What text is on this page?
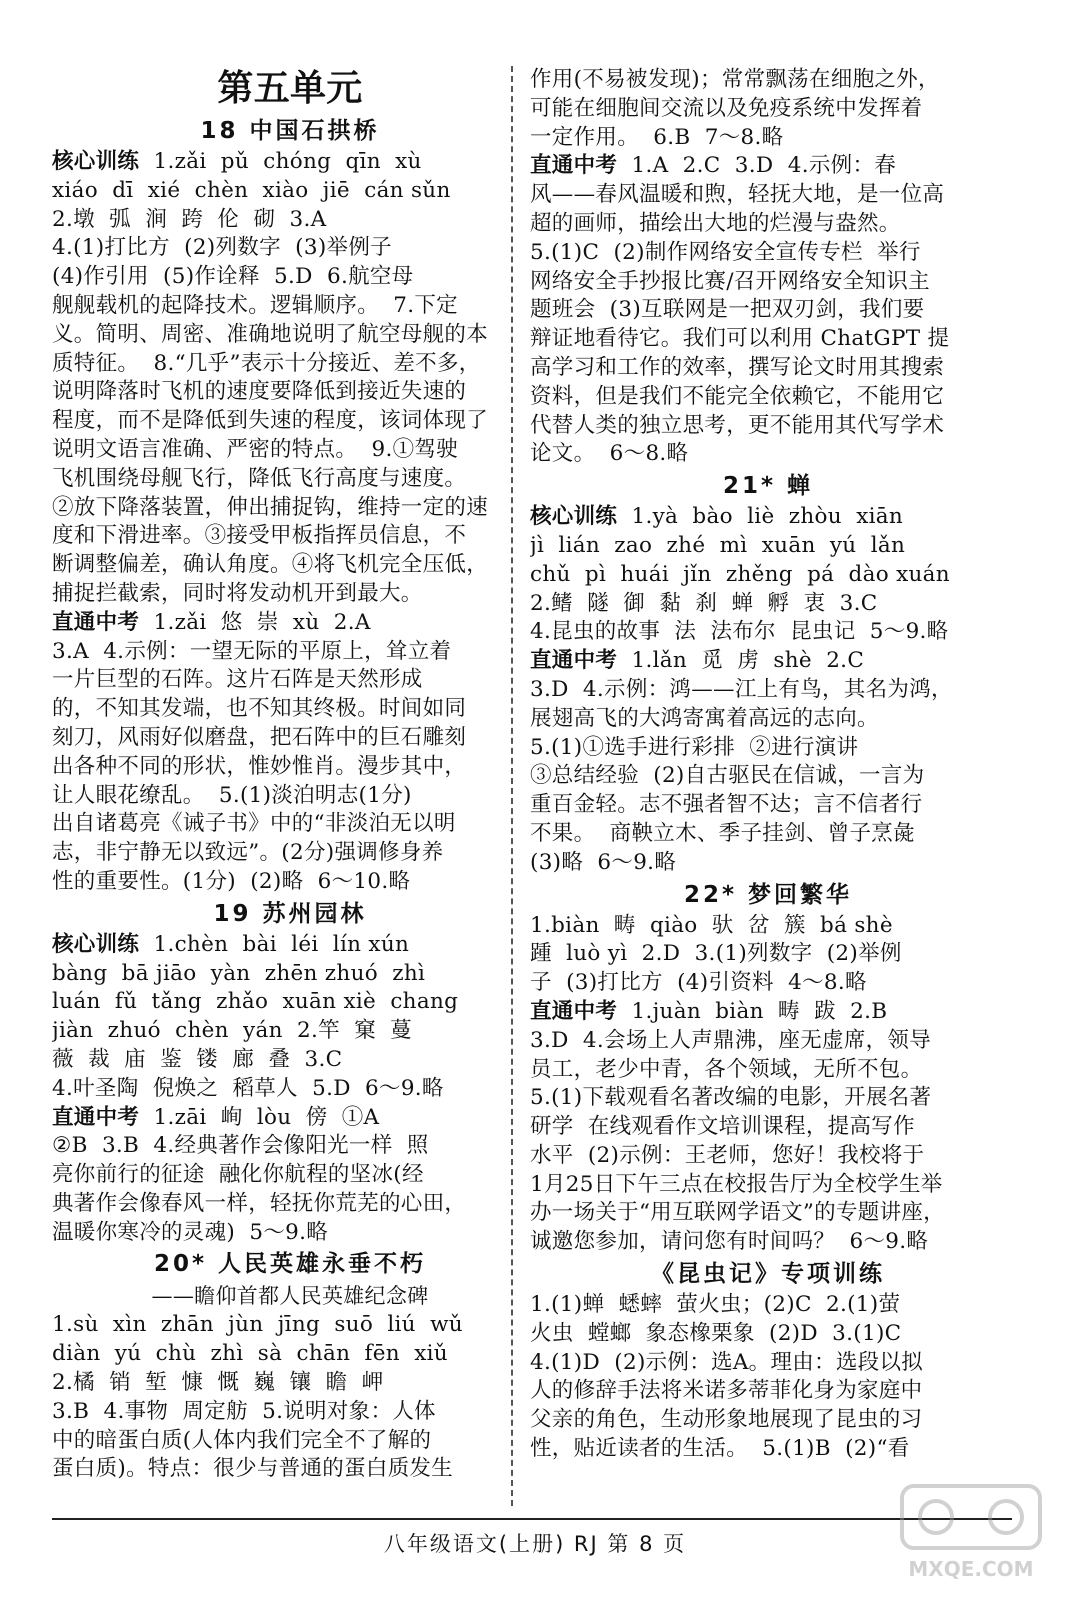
第五单元
18 中国石拱桥
核心训练  1.zǎi  pǔ  chóng  qīn  xù
xiáo  dī  xié  chèn  xiào  jiē  cán sǔn
2.墩  弧  涧  跨  伦  砌  3.A
4.(1)打比方  (2)列数字  (3)举例子
(4)作引用  (5)作诠释  5.D  6.航空母
舰舰载机的起降技术。逻辑顺序。  7.下定
义。简明、周密、准确地说明了航空母舰的本
质特征。  8.“几乎”表示十分接近、差不多，
说明降落时飞机的速度要降低到接近失速的
程度，而不是降低到失速的程度，该词体现了
说明文语言准确、严密的特点。  9.①驾驶
飞机围绕母舰飞行，降低飞行高度与速度。
②放下降落装置，伸出捕捉钩，维持一定的速
度和下滑进率。③接受甲板指挥员信息，不
断调整偏差，确认角度。④将飞机完全压低，
捕捉拦截索，同时将发动机开到最大。
直通中考  1.zǎi  悠  崇  xù  2.A
3.A  4.示例：一望无际的平原上，耸立着
一片巨型的石阵。这片石阵是天然形成
的，不知其发端，也不知其终极。时间如同
刻刀，风雨好似磨盘，把石阵中的巨石雕刻
出各种不同的形状，惟妙惟肖。漫步其中，
让人眼花缭乱。  5.(1)淡泊明志(1分)
出自诸葛亮《诫子书》中的“非淡泊无以明
志，非宁静无以致远”。(2分)强调修身养
性的重要性。(1分)  (2)略  6～10.略
19 苏州园林
核心训练  1.chèn  bài  léi  lín xún
bàng  bā jiāo  yàn  zhēn zhuó  zhì
luán  fǔ  tǎng  zhǎo  xuān xiè  chang
jiàn  zhuó  chèn  yán  2.竿  窠  蔓
薇  裁  庙  鉴  镂  廊  叠  3.C
4.叶圣陶  倪焕之  稻草人  5.D  6～9.略
直通中考  1.zāi  峋  lòu  傍  ①A
②B  3.B  4.经典著作会像阳光一样  照
亮你前行的征途  融化你航程的坚冰(经
典著作会像春风一样，轻抚你荒芜的心田，
温暖你寒冷的灵魂)  5～9.略
20* 人民英雄永垂不朽
——瞻仰首都人民英雄纪念碑
1.sù  xìn  zhān  jùn  jīng  suō  liú  wǔ
diàn  yú  chù  zhì  sà  chān  fēn  xiǔ
2.橘  销  堑  慷  慨  巍  镶  瞻  岬
3.B  4.事物  周定舫  5.说明对象：人体
中的暗蛋白质(人体内我们完全不了解的
蛋白质)。特点：很少与普通的蛋白质发生
作用(不易被发现)；常常飘荡在细胞之外，
可能在细胞间交流以及免疫系统中发挥着
一定作用。  6.B  7～8.略
直通中考  1.A  2.C  3.D  4.示例：春
风——春风温暖和煦，轻抚大地，是一位高
超的画师，描绘出大地的烂漫与盎然。
5.(1)C  (2)制作网络安全宣传专栏  举行
网络安全手抄报比赛/召开网络安全知识主
题班会  (3)互联网是一把双刃剑，我们要
辩证地看待它。我们可以利用 ChatGPT 提
高学习和工作的效率，撰写论文时用其搜索
资料，但是我们不能完全依赖它，不能用它
代替人类的独立思考，更不能用其代写学术
论文。  6～8.略
21* 蝉
核心训练  1.yà  bào  liè  zhòu  xiān
jì  lián  zao  zhé  mì  xuān  yú  lǎn
chǔ  pì  huái  jǐn  zhěng  pá  dào xuán
2.鳍  隧  御  黏  刹  蝉  孵  衷  3.C
4.昆虫的故事  法  法布尔  昆虫记  5～9.略
直通中考  1.lǎn  觅  虏  shè  2.C
3.D  4.示例：鸿——江上有鸟，其名为鸿，
展翅高飞的大鸿寄寓着高远的志向。
5.(1)①选手进行彩排  ②进行演讲
③总结经验  (2)自古驱民在信诚，一言为
重百金轻。志不强者智不达；言不信者行
不果。  商鞅立木、季子挂剑、曾子烹彘
(3)略  6～9.略
22* 梦回繁华
1.biàn  畴  qiào  驮  岔  簇  bá shè
踵  luò yì  2.D  3.(1)列数字  (2)举例
子  (3)打比方  (4)引资料  4～8.略
直通中考  1.juàn  biàn  畴  跋  2.B
3.D  4.会场上人声鼎沸，座无虚席，领导
员工，老少中青，各个领域，无所不包。
5.(1)下载观看名著改编的电影，开展名著
研学  在线观看作文培训课程，提高写作
水平  (2)示例：王老师，您好！我校将于
1月25日下午三点在校报告厅为全校学生举
办一场关于“用互联网学语文”的专题讲座，
诚邀您参加，请问您有时间吗？  6～9.略
《昆虫记》专项训练
1.(1)蝉  蟋蟀  萤火虫；(2)C  2.(1)萤
火虫  螳螂  象态橡栗象  (2)D  3.(1)C
4.(1)D  (2)示例：选A。理由：选段以拟
人的修辞手法将米诺多蒂菲化身为家庭中
父亲的角色，生动形象地展现了昆虫的习
性，贴近读者的生活。  5.(1)B  (2)“看
八年级语文(上册) RJ 第 8 页
MXQE.COM
